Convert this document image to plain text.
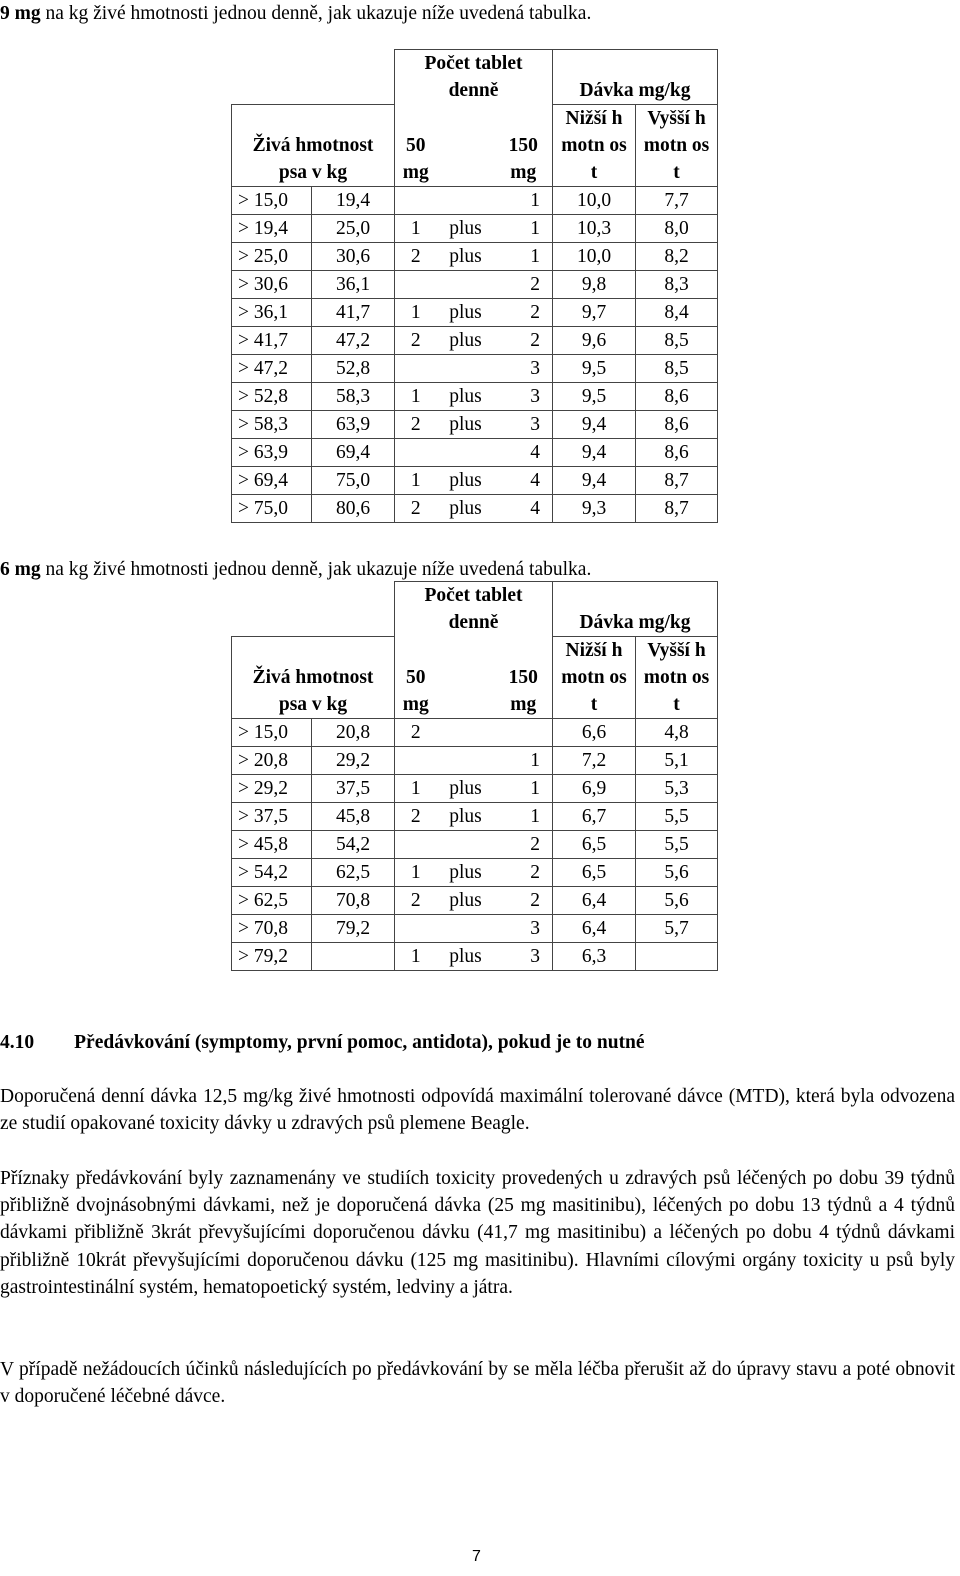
9 mg na kg živé hmotnosti jednou denně, jak ukazuje níže uvedená tabulka.
		Počet tablet denně			Dávka mg/kg	
Živá hmotnost psa v kg		50 mg		150 mg	Nižší hmotn ost	Vyšší hmotn ost
> 15,0	19,4			1	10,0	7,7
> 19,4	25,0	1	plus	1	10,3	8,0
> 25,0	30,6	2	plus	1	10,0	8,2
> 30,6	36,1			2	9,8	8,3
> 36,1	41,7	1	plus	2	9,7	8,4
> 41,7	47,2	2	plus	2	9,6	8,5
> 47,2	52,8			3	9,5	8,5
> 52,8	58,3	1	plus	3	9,5	8,6
> 58,3	63,9	2	plus	3	9,4	8,6
> 63,9	69,4			4	9,4	8,6
> 69,4	75,0	1	plus	4	9,4	8,7
> 75,0	80,6	2	plus	4	9,3	8,7
6 mg na kg živé hmotnosti jednou denně, jak ukazuje níže uvedená tabulka.
		Počet tablet denně			Dávka mg/kg	
Živá hmotnost psa v kg		50 mg		150 mg	Nižší hmotn ost	Vyšší hmotn ost
> 15,0	20,8	2			6,6	4,8
> 20,8	29,2			1	7,2	5,1
> 29,2	37,5	1	plus	1	6,9	5,3
> 37,5	45,8	2	plus	1	6,7	5,5
> 45,8	54,2			2	6,5	5,5
> 54,2	62,5	1	plus	2	6,5	5,6
> 62,5	70,8	2	plus	2	6,4	5,6
> 70,8	79,2			3	6,4	5,7
> 79,2		1	plus	3	6,3	
4.10 Předávkování (symptomy, první pomoc, antidota), pokud je to nutné
Doporučená denní dávka 12,5 mg/kg živé hmotnosti odpovídá maximální tolerované dávce (MTD), která byla odvozena ze studií opakované toxicity dávky u zdravých psů plemene Beagle.
Příznaky předávkování byly zaznamenány ve studiích toxicity provedených u zdravých psů léčených po dobu 39 týdnů přibližně dvojnásobnými dávkami, než je doporučená dávka (25 mg masitinibu), léčených po dobu 13 týdnů a 4 týdnů dávkami přibližně 3krát převyšujícími doporučenou dávku (41,7 mg masitinibu) a léčených po dobu 4 týdnů dávkami přibližně 10krát převyšujícími doporučenou dávku (125 mg masitinibu). Hlavními cílovými orgány toxicity u psů byly gastrointestinální systém, hematopoetický systém, ledviny a játra.
V případě nežádoucích účinků následujících po předávkování by se měla léčba přerušit až do úpravy stavu a poté obnovit v doporučené léčebné dávce.
7
